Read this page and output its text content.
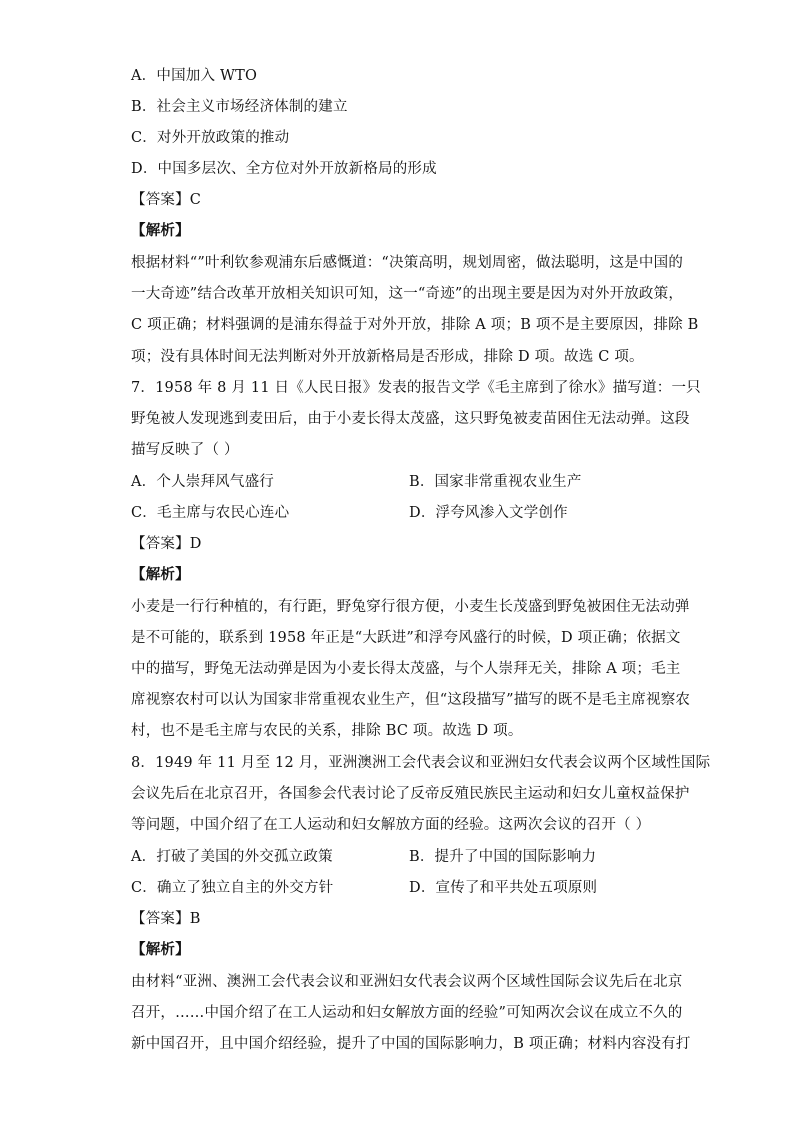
A．中国加入 WTO
B．社会主义市场经济体制的建立
C．对外开放政策的推动
D．中国多层次、全方位对外开放新格局的形成
【答案】C
【解析】
根据材料“”叶利钦参观浦东后感慨道：“决策高明，规划周密，做法聪明，这是中国的
一大奇迹”结合改革开放相关知识可知，这一“奇迹”的出现主要是因为对外开放政策，
C 项正确；材料强调的是浦东得益于对外开放，排除 A 项；B 项不是主要原因，排除 B
项；没有具体时间无法判断对外开放新格局是否形成，排除 D 项。故选 C 项。
7．1958 年 8 月 11 日《人民日报》发表的报告文学《毛主席到了徐水》描写道：一只
野兔被人发现逃到麦田后，由于小麦长得太茂盛，这只野兔被麦苗困住无法动弹。这段
描写反映了（ ）
A．个人崇拜风气盛行	B．国家非常重视农业生产
C．毛主席与农民心连心	D．浮夸风渗入文学创作
【答案】D
【解析】
小麦是一行行种植的，有行距，野兔穿行很方便，小麦生长茂盛到野兔被困住无法动弹
是不可能的，联系到 1958 年正是“大跃进”和浮夸风盛行的时候，D 项正确；依据文
中的描写，野兔无法动弹是因为小麦长得太茂盛，与个人崇拜无关，排除 A 项；毛主
席视察农村可以认为国家非常重视农业生产，但“这段描写”描写的既不是毛主席视察农
村，也不是毛主席与农民的关系，排除 BC 项。故选 D 项。
8．1949 年 11 月至 12 月，亚洲澳洲工会代表会议和亚洲妇女代表会议两个区域性国际
会议先后在北京召开，各国参会代表讨论了反帝反殖民族民主运动和妇女儿童权益保护
等问题，中国介绍了在工人运动和妇女解放方面的经验。这两次会议的召开（ ）
A．打破了美国的外交孤立政策	B．提升了中国的国际影响力
C．确立了独立自主的外交方针	D．宣传了和平共处五项原则
【答案】B
【解析】
由材料“亚洲、澳洲工会代表会议和亚洲妇女代表会议两个区域性国际会议先后在北京
召开，……中国介绍了在工人运动和妇女解放方面的经验”可知两次会议在成立不久的
新中国召开，且中国介绍经验，提升了中国的国际影响力，B 项正确；材料内容没有打
